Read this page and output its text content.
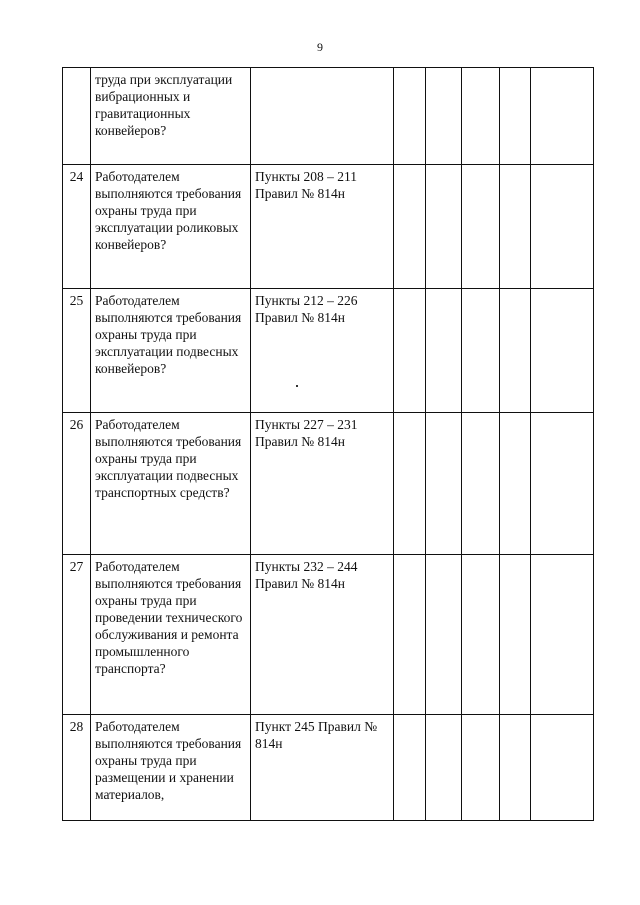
9
	труда при эксплуатации вибрационных и гравитационных конвейеров?						
24	Работодателем выполняются требования охраны труда при эксплуатации роликовых конвейеров?	Пункты 208 – 211 Правил № 814н					
25	Работодателем выполняются требования охраны труда при эксплуатации подвесных конвейеров?	Пункты 212 – 226 Правил № 814н					
26	Работодателем выполняются требования охраны труда при эксплуатации подвесных транспортных средств?	Пункты 227 – 231 Правил № 814н					
27	Работодателем выполняются требования охраны труда при проведении технического обслуживания и ремонта промышленного транспорта?	Пункты 232 – 244 Правил № 814н					
28	Работодателем выполняются требования охраны труда при размещении и хранении материалов,	Пункт 245 Правил № 814н					
